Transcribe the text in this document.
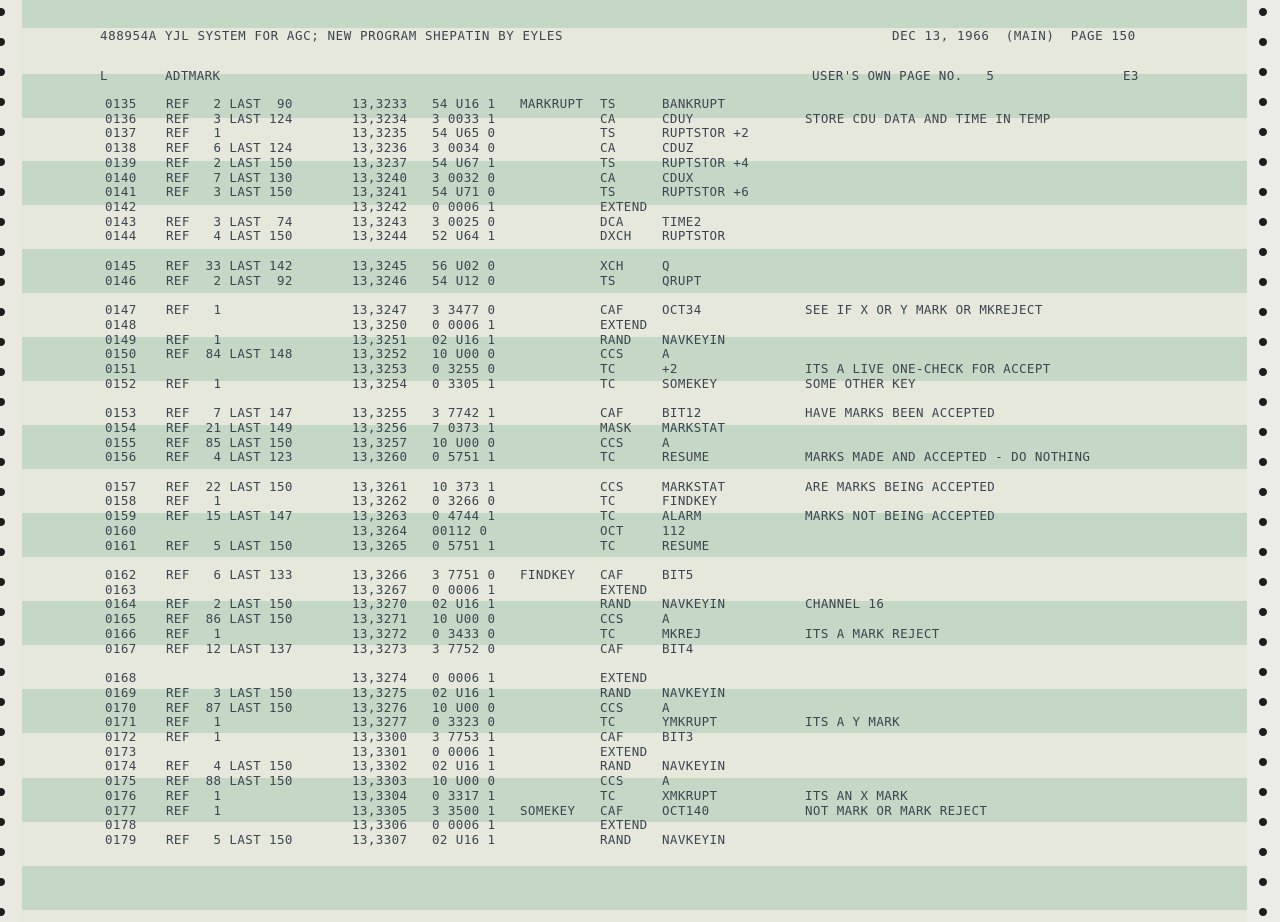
488954A YJL SYSTEM FOR AGC; NEW PROGRAM SHEPATIN BY EYLES	DEC 13, 1966  (MAIN)  PAGE 150
L	ADTMARK	USER'S OWN PAGE NO.   5	E3
0135 REF   2 LAST  90	13,3233 54 U16 1 MARKRUPT TS	BANKRUPT
0136 REF   3 LAST 124	13,3234 3 0033 1	CA	CDUY	STORE CDU DATA AND TIME IN TEMP
0137 REF   1	13,3235 54 U65 0	TS	RUPTSTOR +2
0138 REF   6 LAST 124	13,3236 3 0034 0	CA	CDUZ
0139 REF   2 LAST 150	13,3237 54 U67 1	TS	RUPTSTOR +4
0140 REF   7 LAST 130	13,3240 3 0032 0	CA	CDUX
0141 REF   3 LAST 150	13,3241 54 U71 0	TS	RUPTSTOR +6
0142	13,3242 0 0006 1	EXTEND
0143 REF   3 LAST  74	13,3243 3 0025 0	DCA	TIME2
0144 REF   4 LAST 150	13,3244 52 U64 1	DXCH RUPTSTOR
0145 REF  33 LAST 142	13,3245 56 U02 0	XCH	Q
0146 REF   2 LAST  92	13,3246 54 U12 0	TS	QRUPT
0147 REF   1	13,3247 3 3477 0	CAF	OCT34	SEE IF X OR Y MARK OR MKREJECT
0148	13,3250 0 0006 1	EXTEND
0149 REF   1	13,3251 02 U16 1	RAND NAVKEYIN
0150 REF  84 LAST 148	13,3252 10 U00 0	CCS	A
0151	13,3253 0 3255 0	TC	+2	ITS A LIVE ONE-CHECK FOR ACCEPT
0152 REF   1	13,3254 0 3305 1	TC	SOMEKEY	SOME OTHER KEY
0153 REF   7 LAST 147	13,3255 3 7742 1	CAF	BIT12	HAVE MARKS BEEN ACCEPTED
0154 REF  21 LAST 149	13,3256 7 0373 1	MASK MARKSTAT
0155 REF  85 LAST 150	13,3257 10 U00 0	CCS	A
0156 REF   4 LAST 123	13,3260 0 5751 1	TC	RESUME	MARKS MADE AND ACCEPTED - DO NOTHING
0157 REF  22 LAST 150	13,3261 10 373 1	CCS	MARKSTAT	ARE MARKS BEING ACCEPTED
0158 REF   1	13,3262 0 3266 0	TC	FINDKEY
0159 REF  15 LAST 147	13,3263 0 4744 1	TC	ALARM	MARKS NOT BEING ACCEPTED
0160	13,3264 00112 0	OCT	112
0161 REF   5 LAST 150	13,3265 0 5751 1	TC	RESUME
0162 REF   6 LAST 133	13,3266 3 7751 0 FINDKEY CAF	BIT5
0163	13,3267 0 0006 1	EXTEND
0164 REF   2 LAST 150	13,3270 02 U16 1	RAND NAVKEYIN	CHANNEL 16
0165 REF  86 LAST 150	13,3271 10 U00 0	CCS	A
0166 REF   1	13,3272 0 3433 0	TC	MKREJ	ITS A MARK REJECT
0167 REF  12 LAST 137	13,3273 3 7752 0	CAF	BIT4
0168	13,3274 0 0006 1	EXTEND
0169 REF   3 LAST 150	13,3275 02 U16 1	RAND NAVKEYIN
0170 REF  87 LAST 150	13,3276 10 U00 0	CCS	A
0171 REF   1	13,3277 0 3323 0	TC	YMKRUPT	ITS A Y MARK
0172 REF   1	13,3300 3 7753 1	CAF	BIT3
0173	13,3301 0 0006 1	EXTEND
0174 REF   4 LAST 150	13,3302 02 U16 1	RAND NAVKEYIN
0175 REF  88 LAST 150	13,3303 10 U00 0	CCS	A
0176 REF   1	13,3304 0 3317 1	TC	XMKRUPT	ITS AN X MARK
0177 REF   1	13,3305 3 3500 1 SOMEKEY CAF	OCT140	NOT MARK OR MARK REJECT
0178	13,3306 0 0006 1	EXTEND
0179 REF   5 LAST 150	13,3307 02 U16 1	RAND NAVKEYIN
